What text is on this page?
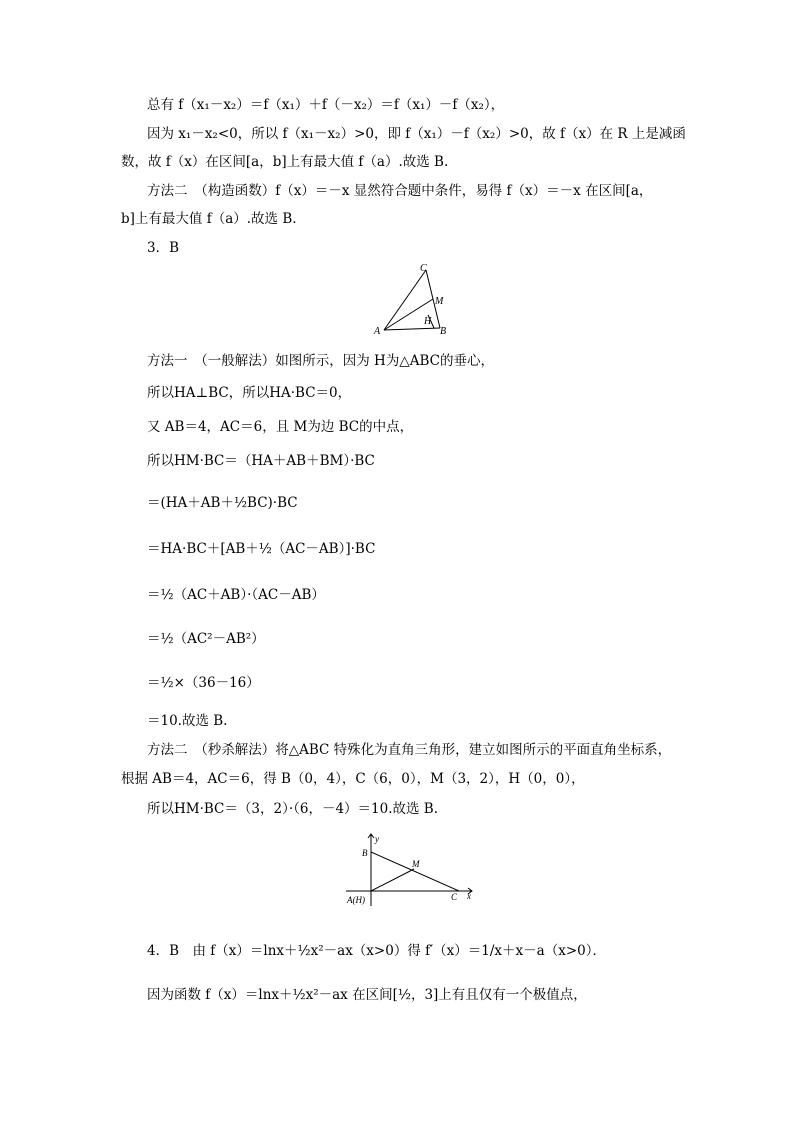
总有 f（x₁－x₂）＝f（x₁）＋f（－x₂）＝f（x₁）－f（x₂），
因为 x₁－x₂<0，所以 f（x₁－x₂）>0，即 f（x₁）－f（x₂）>0，故 f（x）在 R 上是减函
数，故 f（x）在区间[a，b]上有最大值 f（a）.故选 B.
方法二　（构造函数）f（x）＝－x 显然符合题中条件，易得 f（x）＝－x 在区间[a，
b]上有最大值 f（a）.故选 B.
3．B
C
M
H
A	B
方法一　（一般解法）如图所示，因为 H为△ABC的垂心，
所以HA⊥BC，所以HA·BC＝0，
又 AB＝4，AC＝6，且 M为边 BC的中点，
所以HM·BC＝（HA＋AB＋BM）·BC
＝(HA＋AB＋½BC)·BC
＝HA·BC＋[AB＋½（AC－AB）]·BC
＝½（AC＋AB）·（AC－AB）
＝½（AC²－AB²）
＝½×（36－16）
＝10.故选 B.
方法二　（秒杀解法）将△ABC 特殊化为直角三角形，建立如图所示的平面直角坐标系，
根据 AB＝4，AC＝6，得 B（0，4），C（6，0），M（3，2），H（0，0），
所以HM·BC＝（3，2）·（6，－4）＝10.故选 B.
y
x
B
M
C
A(H)
4．B　由 f（x）＝lnx＋½x²－ax（x>0）得 f′（x）＝1/x＋x－a（x>0）．
因为函数 f（x）＝lnx＋½x²－ax 在区间[½，3]上有且仅有一个极值点，
